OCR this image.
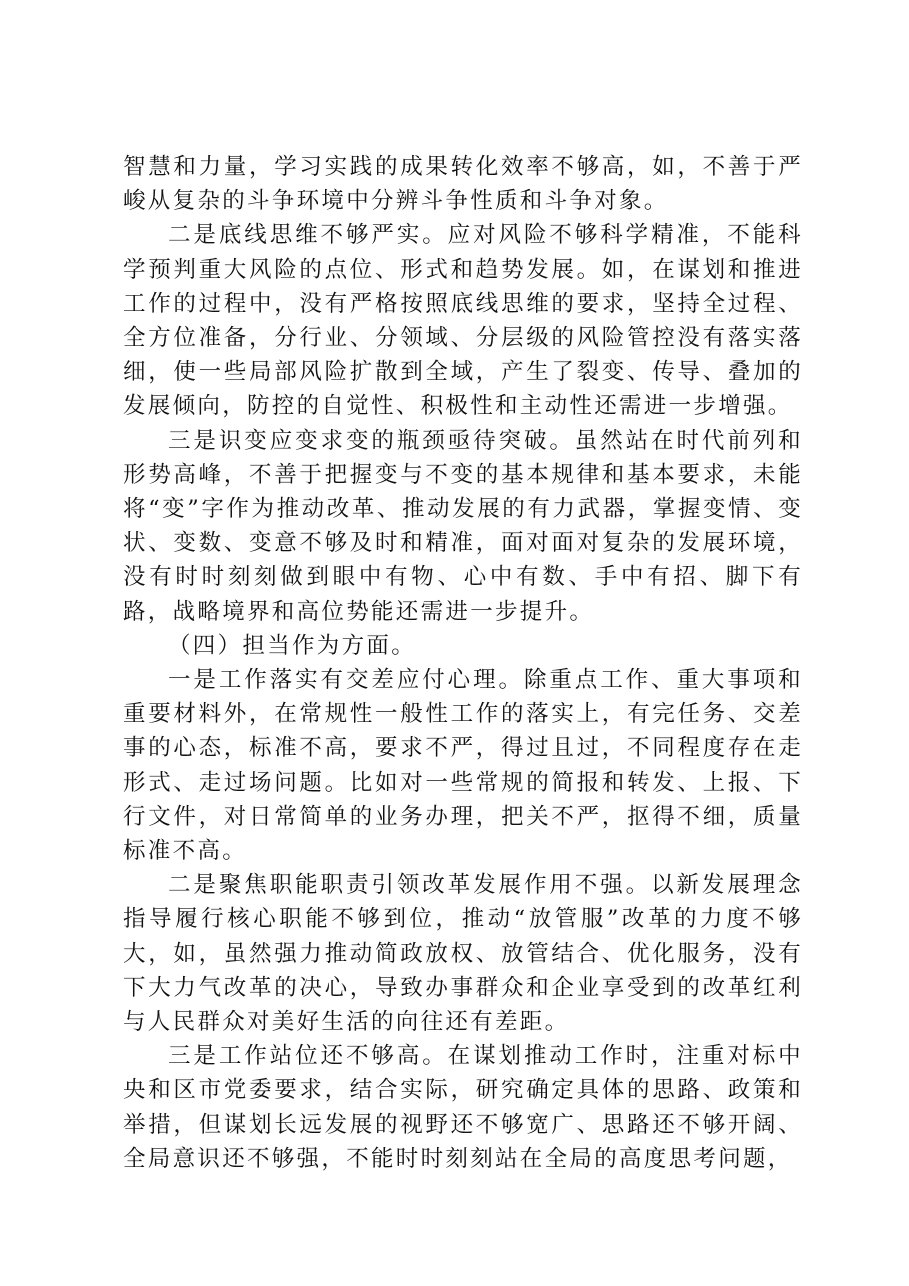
智慧和力量，学习实践的成果转化效率不够高，如，不善于严峻从复杂的斗争环境中分辨斗争性质和斗争对象。

二是底线思维不够严实。应对风险不够科学精准，不能科学预判重大风险的点位、形式和趋势发展。如，在谋划和推进工作的过程中，没有严格按照底线思维的要求，坚持全过程、全方位准备，分行业、分领域、分层级的风险管控没有落实落细，使一些局部风险扩散到全域，产生了裂变、传导、叠加的发展倾向，防控的自觉性、积极性和主动性还需进一步增强。

三是识变应变求变的瓶颈亟待突破。虽然站在时代前列和形势高峰，不善于把握变与不变的基本规律和基本要求，未能将“变”字作为推动改革、推动发展的有力武器，掌握变情、变状、变数、变意不够及时和精准，面对面对复杂的发展环境，没有时时刻刻做到眼中有物、心中有数、手中有招、脚下有路，战略境界和高位势能还需进一步提升。

（四）担当作为方面。

一是工作落实有交差应付心理。除重点工作、重大事项和重要材料外，在常规性一般性工作的落实上，有完任务、交差事的心态，标准不高，要求不严，得过且过，不同程度存在走形式、走过场问题。比如对一些常规的简报和转发、上报、下行文件，对日常简单的业务办理，把关不严，抠得不细，质量标准不高。

二是聚焦职能职责引领改革发展作用不强。以新发展理念指导履行核心职能不够到位，推动“放管服”改革的力度不够大，如，虽然强力推动简政放权、放管结合、优化服务，没有下大力气改革的决心，导致办事群众和企业享受到的改革红利与人民群众对美好生活的向往还有差距。

三是工作站位还不够高。在谋划推动工作时，注重对标中央和区市党委要求，结合实际，研究确定具体的思路、政策和举措，但谋划长远发展的视野还不够宽广、思路还不够开阔、全局意识还不够强，不能时时刻刻站在全局的高度思考问题，
